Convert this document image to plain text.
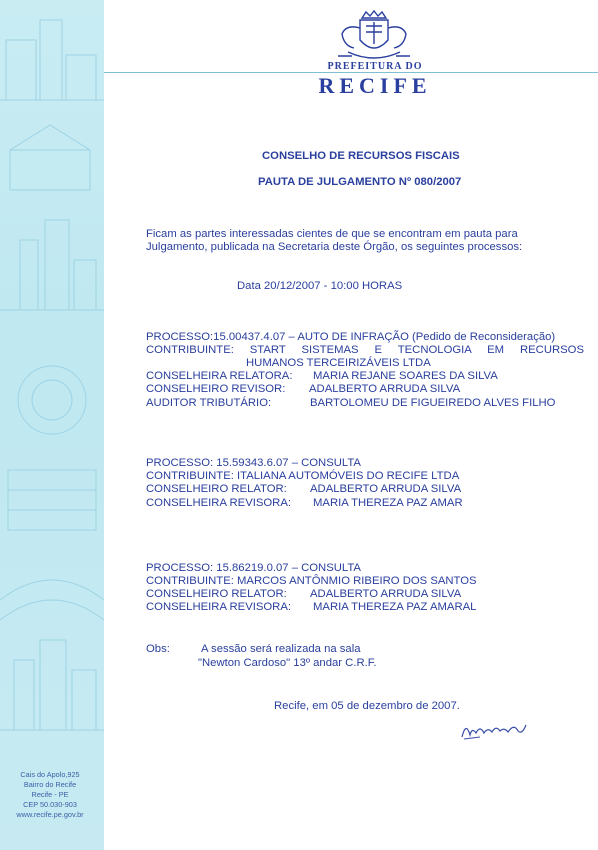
Cais do Apolo,925
Bairro do Recife
Recife - PE
CEP 50.030-903
www.recife.pe.gov.br
PREFEITURA DO
RECIFE
CONSELHO DE RECURSOS FISCAIS
PAUTA DE JULGAMENTO Nº 080/2007
Ficam as partes interessadas cientes de que se encontram em pauta para
Julgamento, publicada na Secretaria deste Órgão, os seguintes processos:
Data 20/12/2007 - 10:00 HORAS
PROCESSO:15.00437.4.07 – AUTO DE INFRAÇÃO (Pedido de Reconsideração)
CONTRIBUINTE: START SISTEMAS E TECNOLOGIA EM RECURSOS
HUMANOS TERCEIRIZÁVEIS LTDA
CONSELHEIRA RELATORA: MARIA REJANE SOARES DA SILVA
CONSELHEIRO REVISOR: ADALBERTO ARRUDA SILVA
AUDITOR TRIBUTÁRIO:	BARTOLOMEU DE FIGUEIREDO ALVES FILHO
PROCESSO: 15.59343.6.07 – CONSULTA
CONTRIBUINTE: ITALIANA AUTOMÓVEIS DO RECIFE LTDA
CONSELHEIRO RELATOR: ADALBERTO ARRUDA SILVA
CONSELHEIRA REVISORA: MARIA THEREZA PAZ AMAR
PROCESSO: 15.86219.0.07 – CONSULTA
CONTRIBUINTE: MARCOS ANTÔNMIO RIBEIRO DOS SANTOS
CONSELHEIRO RELATOR: ADALBERTO ARRUDA SILVA
CONSELHEIRA REVISORA: MARIA THEREZA PAZ AMARAL
Obs:	A sessão será realizada na sala
"Newton Cardoso" 13º andar C.R.F.
Recife, em 05 de dezembro de 2007.
